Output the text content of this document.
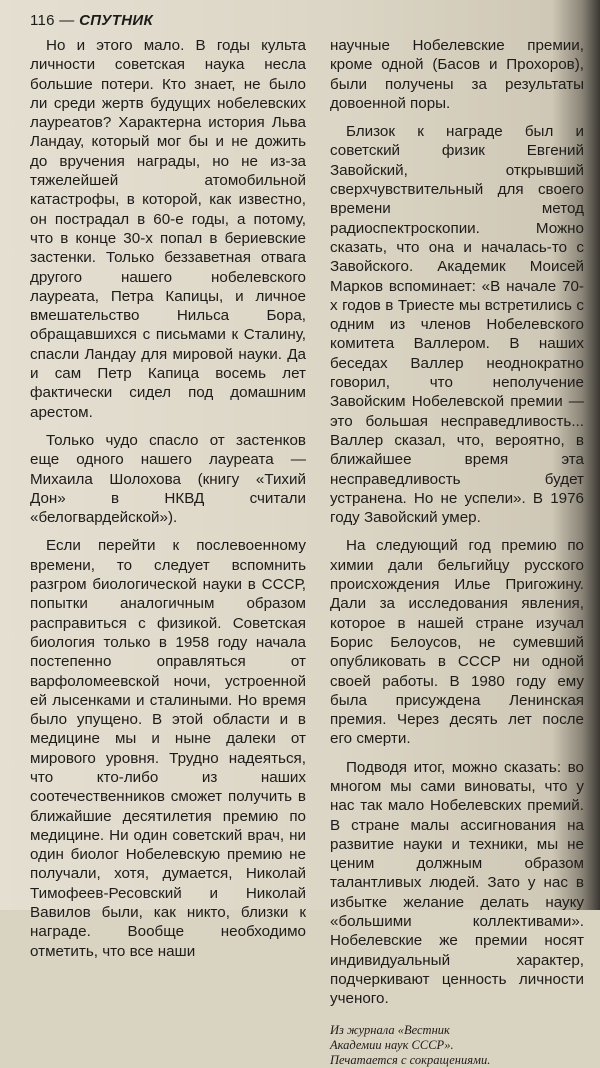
116 — СПУТНИК

Но и этого мало. В годы культа личности советская наука несла большие потери. Кто знает, не было ли среди жертв будущих нобелевских лауреатов? Характерна история Льва Ландау, который мог бы и не дожить до вручения награды, но не из-за тяжелейшей атомобильной катастрофы, в которой, как известно, он пострадал в 60-е годы, а потому, что в конце 30-х попал в бериевские застенки. Только беззаветная отвага другого нашего нобелевского лауреата, Петра Капицы, и личное вмешательство Нильса Бора, обращавшихся с письмами к Сталину, спасли Ландау для мировой науки. Да и сам Петр Капица восемь лет фактически сидел под домашним арестом.

Только чудо спасло от застенков еще одного нашего лауреата — Михаила Шолохова (книгу «Тихий Дон» в НКВД считали «белогвардейской»).

Если перейти к послевоенному времени, то следует вспомнить разгром биологической науки в СССР, попытки аналогичным образом расправиться с физикой. Советская биология только в 1958 году начала постепенно оправляться от варфоломеевской ночи, устроенной ей лысенками и сталиными. Но время было упущено. В этой области и в медицине мы и ныне далеки от мирового уровня. Трудно надеяться, что кто-либо из наших соотечественников сможет получить в ближайшие десятилетия премию по медицине. Ни один советский врач, ни один биолог Нобелевскую премию не получали, хотя, думается, Николай Тимофеев-Ресовский и Николай Вавилов были, как никто, близки к награде. Вообще необходимо отметить, что все наши

научные Нобелевские премии, кроме одной (Басов и Прохоров), были получены за результаты довоенной поры.

Близок к награде был и советский физик Евгений Завойский, открывший сверхчувствительный для своего времени метод радиоспектроскопии. Можно сказать, что она и началась-то с Завойского. Академик Моисей Марков вспоминает: «В начале 70-х годов в Триесте мы встретились с одним из членов Нобелевского комитета Валлером. В наших беседах Валлер неоднократно говорил, что неполучение Завойским Нобелевской премии — это большая несправедливость... Валлер сказал, что, вероятно, в ближайшее время эта несправедливость будет устранена. Но не успели». В 1976 году Завойский умер.

На следующий год премию по химии дали бельгийцу русского происхождения Илье Пригожину. Дали за исследования явления, которое в нашей стране изучал Борис Белоусов, не сумевший опубликовать в СССР ни одной своей работы. В 1980 году ему была присуждена Ленинская премия. Через десять лет после его смерти.

Подводя итог, можно сказать: во многом мы сами виноваты, что у нас так мало Нобелевских премий. В стране малы ассигнования на развитие науки и техники, мы не ценим должным образом талантливых людей. Зато у нас в избытке желание делать науку «большими коллективами». Нобелевские же премии носят индивидуальный характер, подчеркивают ценность личности ученого.

Из журнала «Вестник
Академии наук СССР».
Печатается с сокращениями.
